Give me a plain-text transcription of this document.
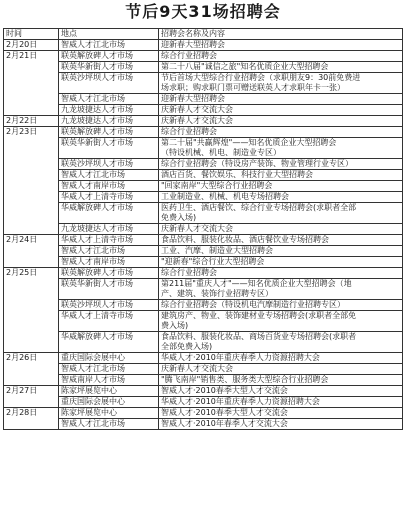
节后9天31场招聘会
时间	地点	招聘会名称及内容
2月20日	智威人才江北市场	迎新春大型招聘会

2月21日	联英解放碑人才市场	综合行业招聘会

	联英华新街人才市场	第二十八届"诚信之旅"知名优质企业大型招聘会

	联英沙坪坝人才市场	节后首场大型综合行业招聘会（求职朋友9：30前免费进
场求职；购求职门票可赠送联英人才求职年卡一张）

	智威人才江北市场	迎新春大型招聘会

	九龙坡捷达人才市场	庆新春人才交流大会

2月22日	九龙坡捷达人才市场	庆新春人才交流大会

2月23日	联英解放碑人才市场	综合行业招聘会

	联英华新街人才市场	第二十届"共赢辉煌"——知名优质企业大型招聘会
（特设机械、机电、制造业专区）

	联英沙坪坝人才市场	综合行业招聘会（特设房产装饰、物业管理行业专区）

	智威人才江北市场	酒店百货、餐饮娱乐、科技行业大型招聘会

	智威人才南岸市场	"回家南岸"大型综合行业招聘会

	华威人才上清寺市场	工业制造业、机械、机电专场招聘会

	华威解放碑人才市场	医药卫生、酒店餐饮、综合行业专场招聘会(求职者全部
免费入场)

	九龙坡捷达人才市场	庆新春人才交流大会

2月24日	华威人才上清寺市场	食品饮料、服装化妆品、酒店餐饮业专场招聘会

	智威人才江北市场	工业、汽摩、制造业大型招聘会

	智威人才南岸市场	"迎新春"综合行业大型招聘会

2月25日	联英解放碑人才市场	综合行业招聘会

	联英华新街人才市场	第211届"重庆人才"——知名优质企业大型招聘会（地
产、建筑、装饰行业招聘专区）

	联英沙坪坝人才市场	综合行业招聘会（特设机电汽摩制造行业招聘专区）

	华威人才上清寺市场	建筑房产、物业、装饰建材业专场招聘会(求职者全部免
费入场)

	华威解放碑人才市场	食品饮料、服装化妆品、商场百货业专场招聘会(求职者
全部免费入场)

2月26日	重庆国际会展中心	华威人才·2010年重庆春季人力资源招聘大会

	智威人才江北市场	庆新春人才交流大会

	智威南岸人才市场	"腾飞南岸"销售类、服务类大型综合行业招聘会

2月27日	陈家坪展览中心	智威人才·2010春季大型人才交流会

	重庆国际会展中心	华威人才·2010年重庆春季人力资源招聘大会

2月28日	陈家坪展览中心	智威人才·2010春季大型人才交流会

	智威人才江北市场	智威人才·2010年春季人才交流大会
